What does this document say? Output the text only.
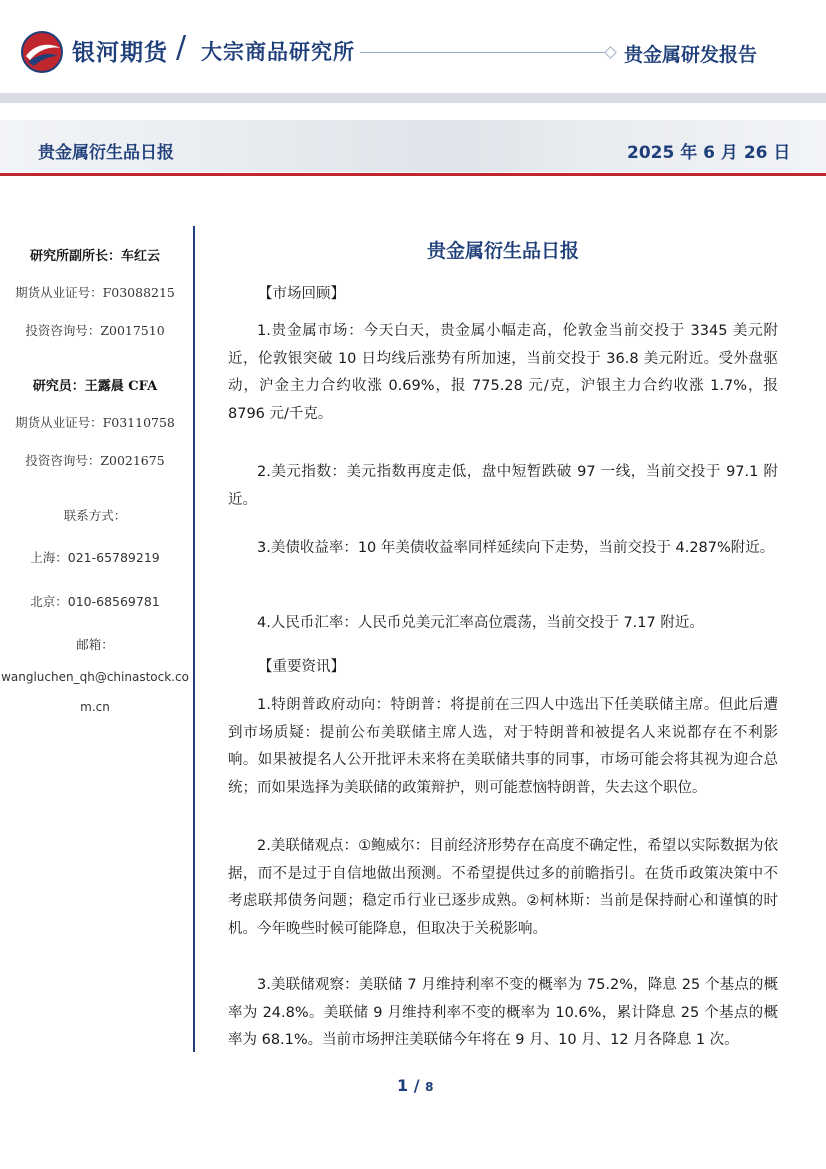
银河期货 / 大宗商品研究所	贵金属研发报告
贵金属衍生品日报	2025 年 6 月 26 日
研究所副所长：车红云
期货从业证号：F03088215
投资咨询号：Z0017510
研究员：王露晨 CFA
期货从业证号：F03110758
投资咨询号：Z0021675
联系方式：
上海：021-65789219
北京：010-68569781
邮箱：
wangluchen_qh@chinastock.co
m.cn
贵金属衍生品日报
【市场回顾】

1.贵金属市场：今天白天，贵金属小幅走高，伦敦金当前交投于 3345 美元附近，伦敦银突破 10 日均线后涨势有所加速，当前交投于 36.8 美元附近。受外盘驱动，沪金主力合约收涨 0.69%，报 775.28 元/克，沪银主力合约收涨 1.7%，报 8796 元/千克。

2.美元指数：美元指数再度走低，盘中短暂跌破 97 一线，当前交投于 97.1 附近。

3.美债收益率：10 年美债收益率同样延续向下走势，当前交投于 4.287%附近。

4.人民币汇率：人民币兑美元汇率高位震荡，当前交投于 7.17 附近。

【重要资讯】

1.特朗普政府动向：特朗普：将提前在三四人中选出下任美联储主席。但此后遭到市场质疑：提前公布美联储主席人选，对于特朗普和被提名人来说都存在不利影响。如果被提名人公开批评未来将在美联储共事的同事，市场可能会将其视为迎合总统；而如果选择为美联储的政策辩护，则可能惹恼特朗普，失去这个职位。

2.美联储观点：①鲍威尔：目前经济形势存在高度不确定性，希望以实际数据为依据，而不是过于自信地做出预测。不希望提供过多的前瞻指引。在货币政策决策中不考虑联邦债务问题；稳定币行业已逐步成熟。②柯林斯：当前是保持耐心和谨慎的时机。今年晚些时候可能降息，但取决于关税影响。

3.美联储观察：美联储 7 月维持利率不变的概率为 75.2%，降息 25 个基点的概率为 24.8%。美联储 9 月维持利率不变的概率为 10.6%，累计降息 25 个基点的概率为 68.1%。当前市场押注美联储今年将在 9 月、10 月、12 月各降息 1 次。

1 / 8
